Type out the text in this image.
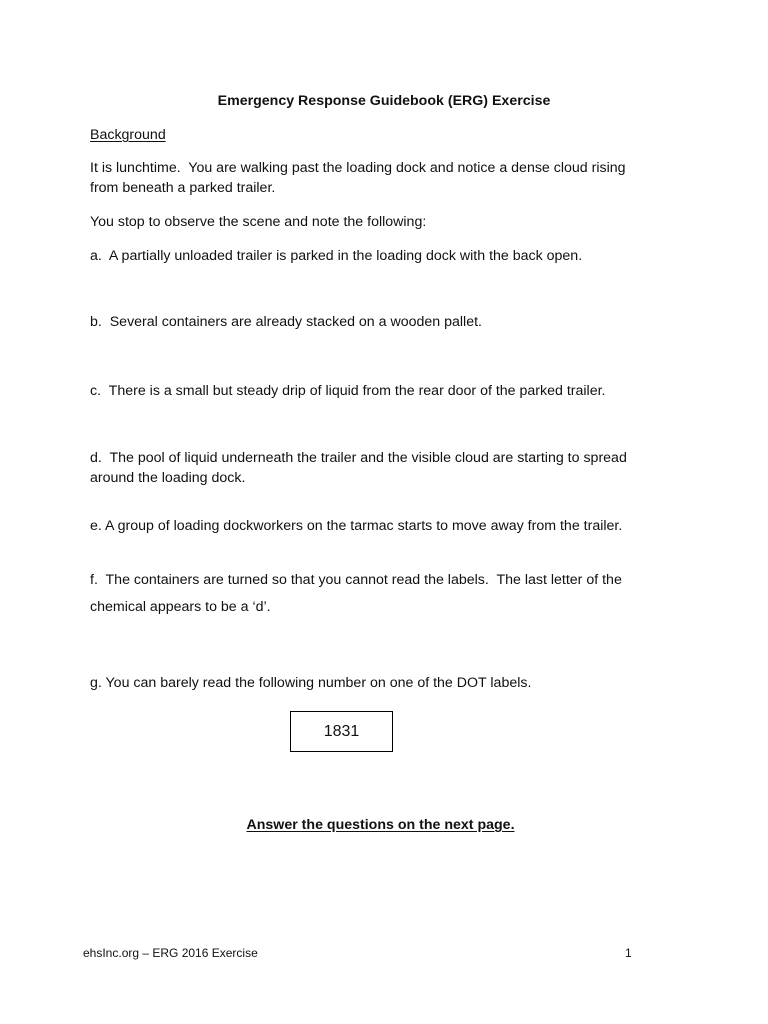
Emergency Response Guidebook (ERG) Exercise
Background
It is lunchtime.  You are walking past the loading dock and notice a dense cloud rising
from beneath a parked trailer.
You stop to observe the scene and note the following:
a.  A partially unloaded trailer is parked in the loading dock with the back open.
b.  Several containers are already stacked on a wooden pallet.
c.  There is a small but steady drip of liquid from the rear door of the parked trailer.
d.  The pool of liquid underneath the trailer and the visible cloud are starting to spread
around the loading dock.
e. A group of loading dockworkers on the tarmac starts to move away from the trailer.
f.  The containers are turned so that you cannot read the labels.  The last letter of the
chemical appears to be a ‘d’.
g. You can barely read the following number on one of the DOT labels.
1831
Answer the questions on the next page.
ehsInc.org – ERG 2016 Exercise	1
